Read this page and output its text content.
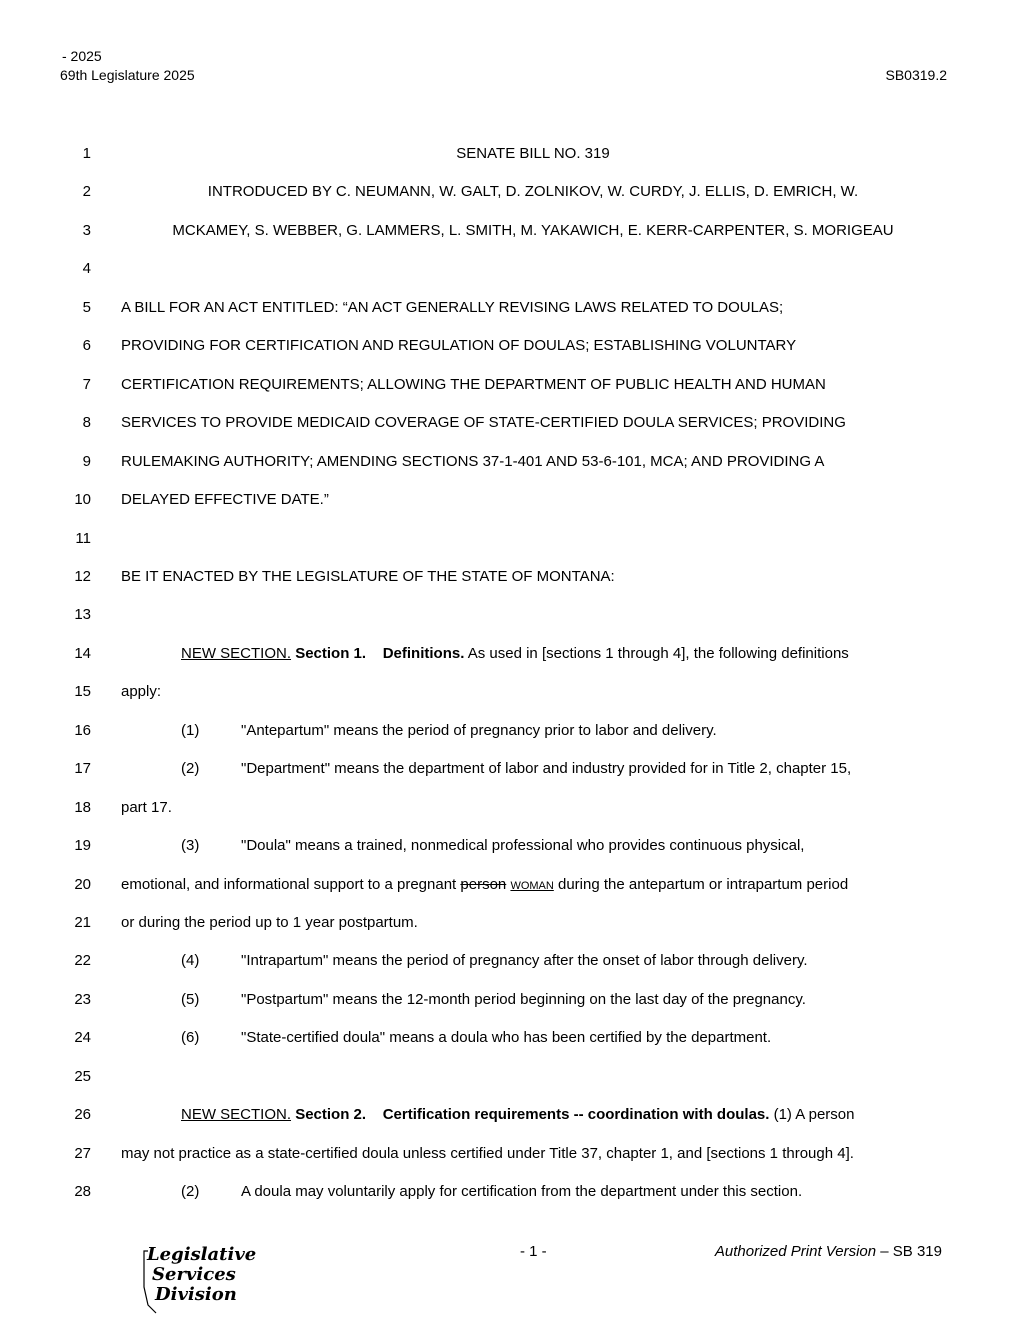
- 2025
69th Legislature 2025	SB0319.2
1	SENATE BILL NO. 319
2	INTRODUCED BY C. NEUMANN, W. GALT, D. ZOLNIKOV, W. CURDY, J. ELLIS, D. EMRICH, W.
3	MCKAMEY, S. WEBBER, G. LAMMERS, L. SMITH, M. YAKAWICH, E. KERR-CARPENTER, S. MORIGEAU
4
5 A BILL FOR AN ACT ENTITLED: “AN ACT GENERALLY REVISING LAWS RELATED TO DOULAS;
6 PROVIDING FOR CERTIFICATION AND REGULATION OF DOULAS; ESTABLISHING VOLUNTARY
7 CERTIFICATION REQUIREMENTS; ALLOWING THE DEPARTMENT OF PUBLIC HEALTH AND HUMAN
8 SERVICES TO PROVIDE MEDICAID COVERAGE OF STATE-CERTIFIED DOULA SERVICES; PROVIDING
9 RULEMAKING AUTHORITY; AMENDING SECTIONS 37-1-401 AND 53-6-101, MCA; AND PROVIDING A
10 DELAYED EFFECTIVE DATE.”
11
12 BE IT ENACTED BY THE LEGISLATURE OF THE STATE OF MONTANA:
13
14	NEW SECTION. Section 1. Definitions. As used in [sections 1 through 4], the following definitions
15 apply:
16	(1)	"Antepartum" means the period of pregnancy prior to labor and delivery.
17	(2)	"Department" means the department of labor and industry provided for in Title 2, chapter 15,
18 part 17.
19	(3)	"Doula" means a trained, nonmedical professional who provides continuous physical,
20 emotional, and informational support to a pregnant person WOMAN during the antepartum or intrapartum period
21 or during the period up to 1 year postpartum.
22	(4)	"Intrapartum" means the period of pregnancy after the onset of labor through delivery.
23	(5)	"Postpartum" means the 12-month period beginning on the last day of the pregnancy.
24	(6)	"State-certified doula" means a doula who has been certified by the department.
25
26	NEW SECTION. Section 2. Certification requirements -- coordination with doulas. (1) A person
27 may not practice as a state-certified doula unless certified under Title 37, chapter 1, and [sections 1 through 4].
28	(2)	A doula may voluntarily apply for certification from the department under this section.
Legislative
Services
Division
- 1 -	Authorized Print Version – SB 319
